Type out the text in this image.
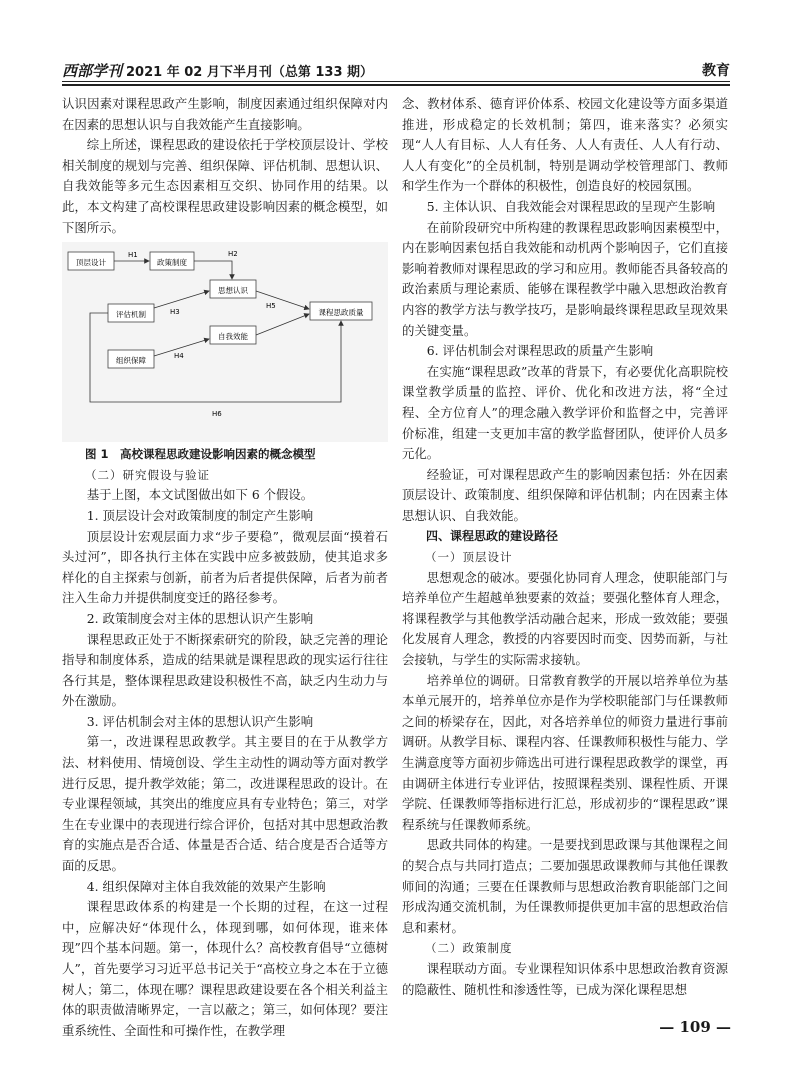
西部学刊 2021 年 02 月下半月刊（总第 133 期）	教育

认识因素对课程思政产生影响，制度因素通过组织保障对内在因素的思想认识与自我效能产生直接影响。

综上所述，课程思政的建设依托于学校顶层设计、学校相关制度的规划与完善、组织保障、评估机制、思想认识、自我效能等多元生态因素相互交织、协同作用的结果。以此，本文构建了高校课程思政建设影响因素的概念模型，如下图所示。

顶层设计	政策制度
评估机制
组织保障
思想认识
自我效能
课程思政质量
H1	H2
H3
H4
H5
H6

图 1　高校课程思政建设影响因素的概念模型

（二）研究假设与验证

基于上图，本文试图做出如下 6 个假设。

1. 顶层设计会对政策制度的制定产生影响

顶层设计宏观层面力求“步子要稳”，微观层面“摸着石头过河”，即各执行主体在实践中应多被鼓励，使其追求多样化的自主探索与创新，前者为后者提供保障，后者为前者注入生命力并提供制度变迁的路径参考。

2. 政策制度会对主体的思想认识产生影响

课程思政正处于不断探索研究的阶段，缺乏完善的理论指导和制度体系，造成的结果就是课程思政的现实运行往往各行其是，整体课程思政建设积极性不高，缺乏内生动力与外在激励。

3. 评估机制会对主体的思想认识产生影响

第一，改进课程思政教学。其主要目的在于从教学方法、材料使用、情境创设、学生主动性的调动等方面对教学进行反思，提升教学效能；第二，改进课程思政的设计。在专业课程领域，其突出的维度应具有专业特色；第三，对学生在专业课中的表现进行综合评价，包括对其中思想政治教育的实施点是否合适、体量是否合适、结合度是否合适等方面的反思。

4. 组织保障对主体自我效能的效果产生影响

课程思政体系的构建是一个长期的过程，在这一过程中，应解决好“体现什么，体现到哪，如何体现，谁来体现”四个基本问题。第一，体现什么？高校教育倡导“立德树人”，首先要学习习近平总书记关于“高校立身之本在于立德树人；第二，体现在哪？课程思政建设要在各个相关利益主体的职责做清晰界定，一言以蔽之；第三，如何体现？要注重系统性、全面性和可操作性，在教学理

念、教材体系、德育评价体系、校园文化建设等方面多渠道推进，形成稳定的长效机制；第四，谁来落实？必须实现“人人有目标、人人有任务、人人有责任、人人有行动、人人有变化”的全员机制，特别是调动学校管理部门、教师和学生作为一个群体的积极性，创造良好的校园氛围。

5. 主体认识、自我效能会对课程思政的呈现产生影响

在前阶段研究中所构建的教课程思政影响因素模型中，内在影响因素包括自我效能和动机两个影响因子，它们直接影响着教师对课程思政的学习和应用。教师能否具备较高的政治素质与理论素质、能够在课程教学中融入思想政治教育内容的教学方法与教学技巧，是影响最终课程思政呈现效果的关键变量。

6. 评估机制会对课程思政的质量产生影响

在实施“课程思政”改革的背景下，有必要优化高职院校课堂教学质量的监控、评价、优化和改进方法，将“全过程、全方位育人”的理念融入教学评价和监督之中，完善评价标准，组建一支更加丰富的教学监督团队，使评价人员多元化。

经验证，可对课程思政产生的影响因素包括：外在因素顶层设计、政策制度、组织保障和评估机制；内在因素主体思想认识、自我效能。

四、课程思政的建设路径

（一）顶层设计

思想观念的破冰。要强化协同育人理念，使职能部门与培养单位产生超越单独要素的效益；要强化整体育人理念，将课程教学与其他教学活动融合起来，形成一致效能；要强化发展育人理念，教授的内容要因时而变、因势而新，与社会接轨，与学生的实际需求接轨。

培养单位的调研。日常教育教学的开展以培养单位为基本单元展开的，培养单位亦是作为学校职能部门与任课教师之间的桥梁存在，因此，对各培养单位的师资力量进行事前调研。从教学目标、课程内容、任课教师积极性与能力、学生满意度等方面初步筛选出可进行课程思政教学的课堂，再由调研主体进行专业评估，按照课程类别、课程性质、开课学院、任课教师等指标进行汇总，形成初步的“课程思政”课程系统与任课教师系统。

思政共同体的构建。一是要找到思政课与其他课程之间的契合点与共同打造点；二要加强思政课教师与其他任课教师间的沟通；三要在任课教师与思想政治教育职能部门之间形成沟通交流机制，为任课教师提供更加丰富的思想政治信息和素材。

（二）政策制度

课程联动方面。专业课程知识体系中思想政治教育资源的隐蔽性、随机性和渗透性等，已成为深化课程思想

— 109 —
